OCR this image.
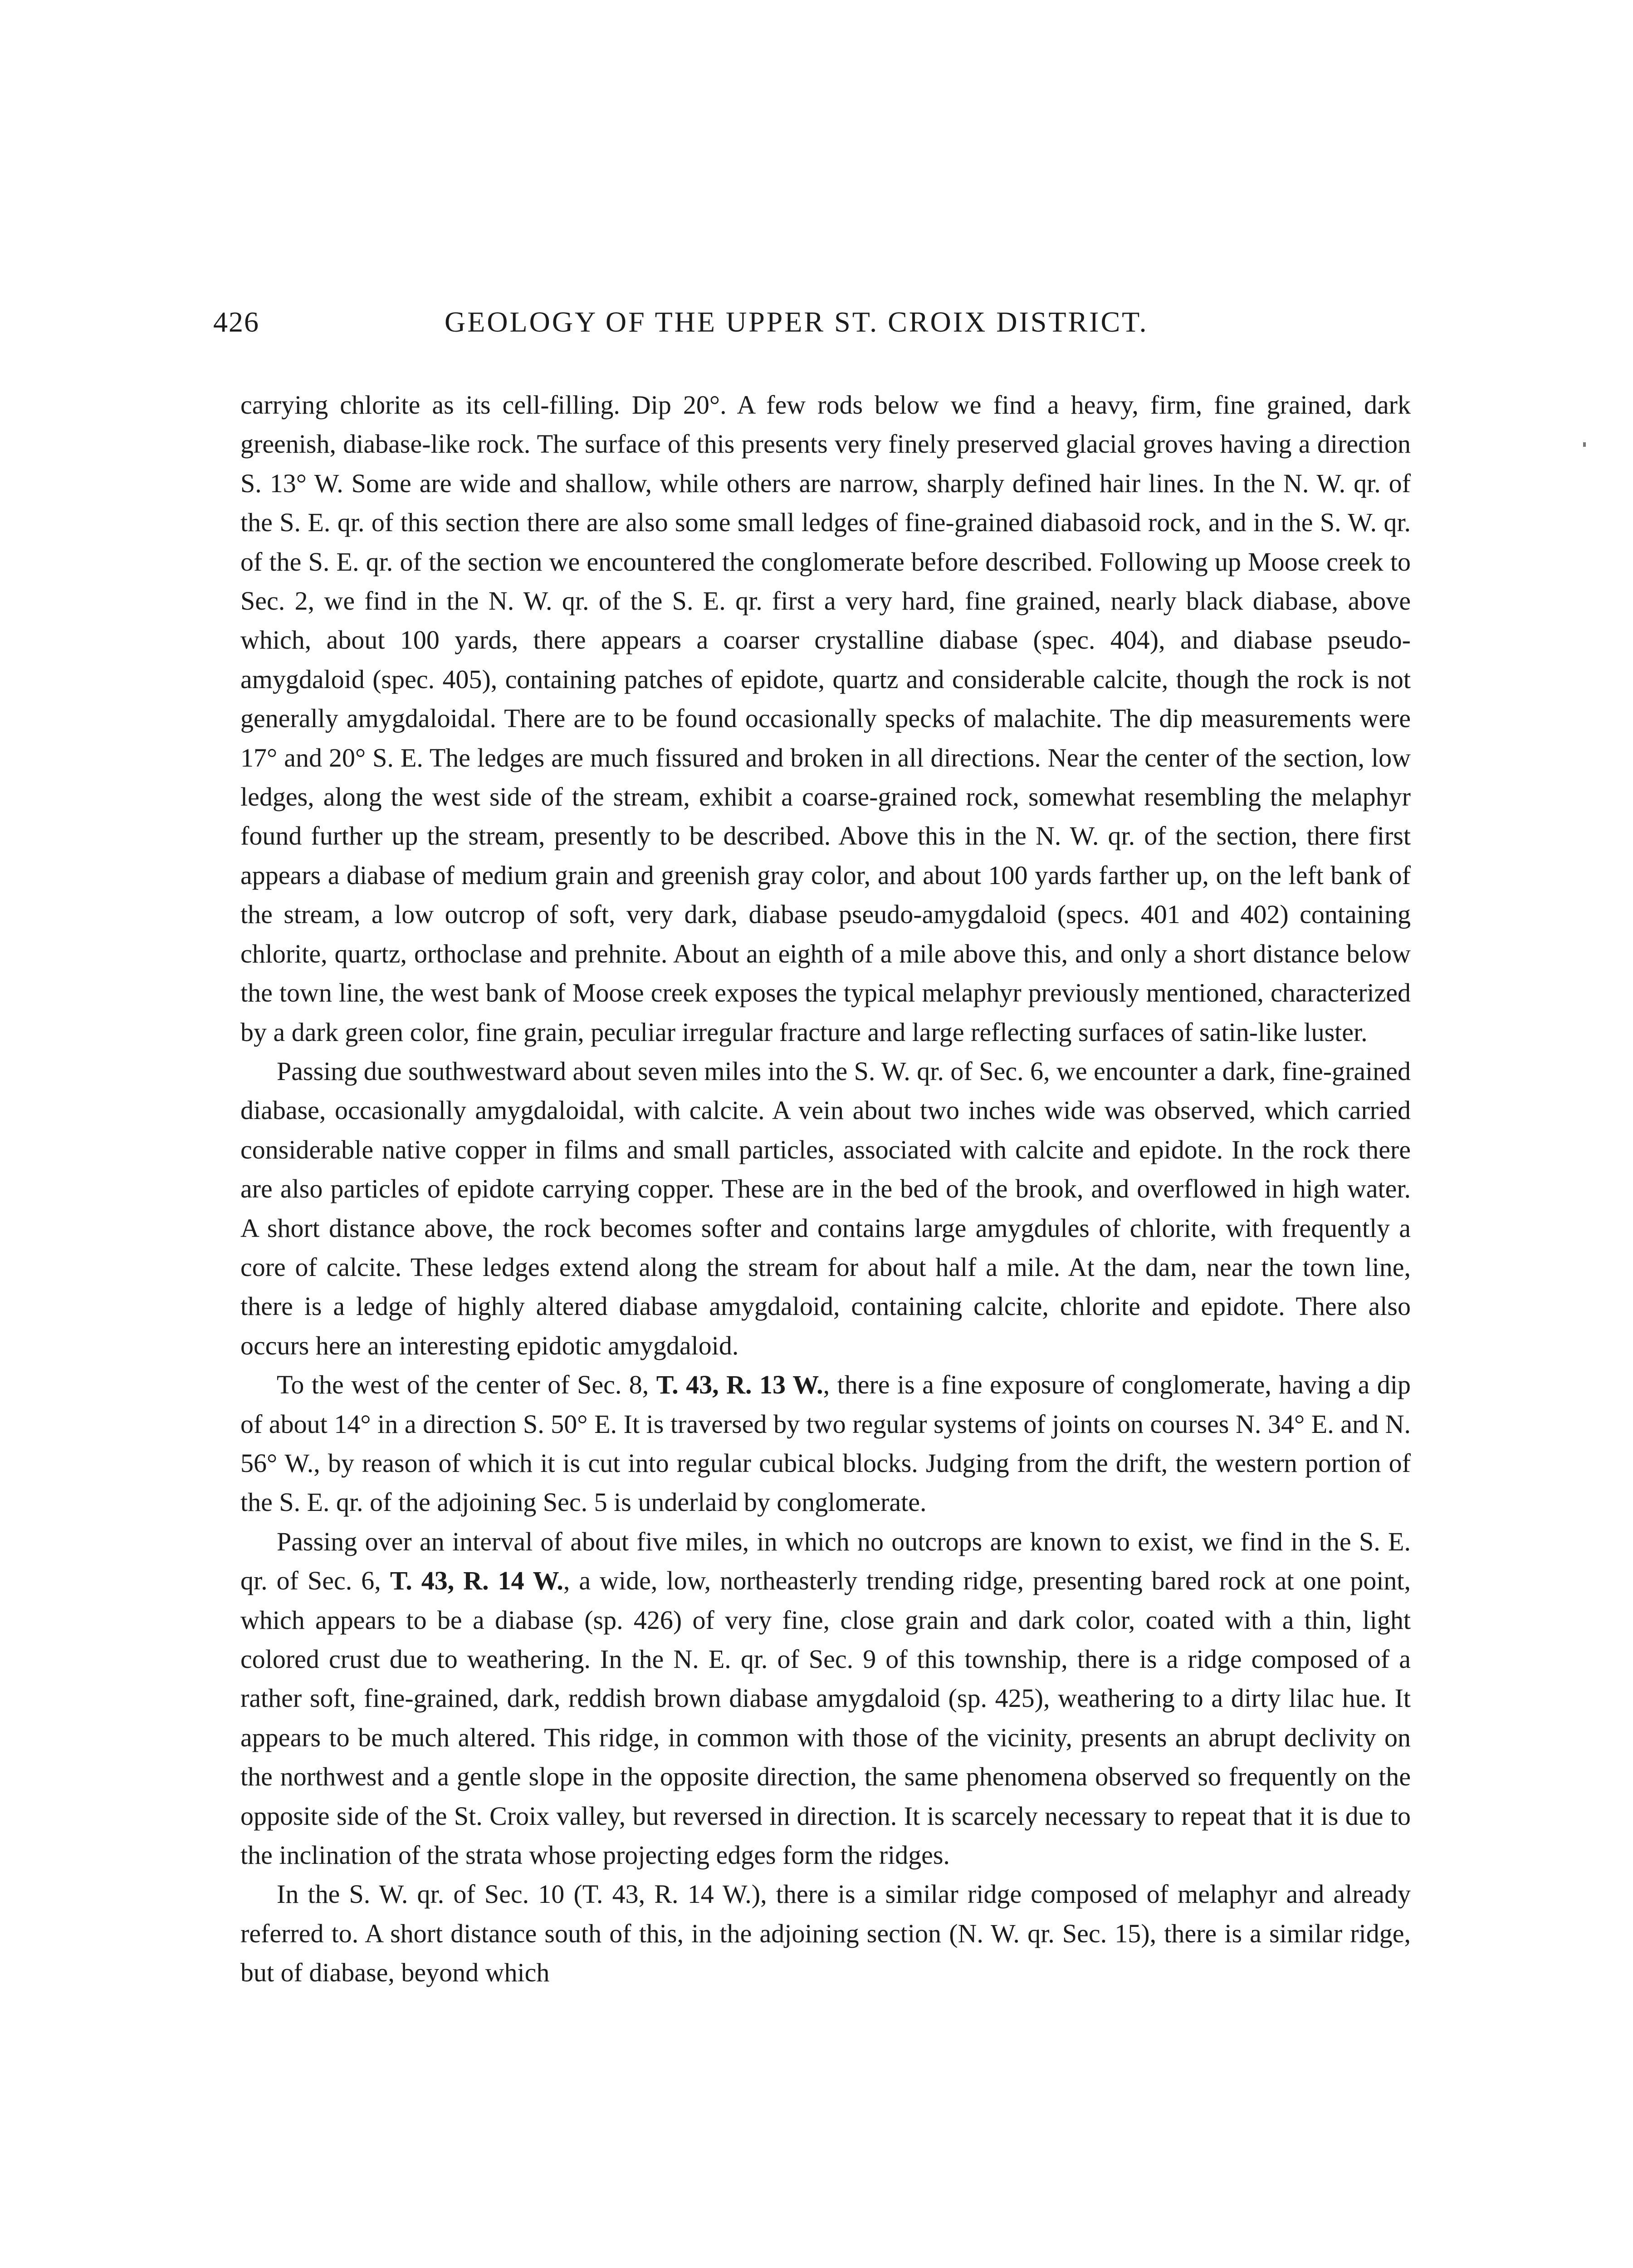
426	GEOLOGY OF THE UPPER ST. CROIX DISTRICT.

carrying chlorite as its cell-filling. Dip 20°. A few rods below we find a heavy, firm, fine grained, dark greenish, diabase-like rock. The surface of this presents very finely preserved glacial groves having a direction S. 13° W. Some are wide and shallow, while others are narrow, sharply defined hair lines. In the N. W. qr. of the S. E. qr. of this section there are also some small ledges of fine-grained diabasoid rock, and in the S. W. qr. of the S. E. qr. of the section we encountered the conglomerate before described. Following up Moose creek to Sec. 2, we find in the N. W. qr. of the S. E. qr. first a very hard, fine grained, nearly black diabase, above which, about 100 yards, there appears a coarser crystalline diabase (spec. 404), and diabase pseudo-amygdaloid (spec. 405), containing patches of epidote, quartz and considerable calcite, though the rock is not generally amygdaloidal. There are to be found occasionally specks of malachite. The dip measurements were 17° and 20° S. E. The ledges are much fissured and broken in all directions. Near the center of the section, low ledges, along the west side of the stream, exhibit a coarse-grained rock, somewhat resembling the melaphyr found further up the stream, presently to be described. Above this in the N. W. qr. of the section, there first appears a diabase of medium grain and greenish gray color, and about 100 yards farther up, on the left bank of the stream, a low outcrop of soft, very dark, diabase pseudo-amygdaloid (specs. 401 and 402) containing chlorite, quartz, orthoclase and prehnite. About an eighth of a mile above this, and only a short distance below the town line, the west bank of Moose creek exposes the typical melaphyr previously mentioned, characterized by a dark green color, fine grain, peculiar irregular fracture and large reflecting surfaces of satin-like luster.

Passing due southwestward about seven miles into the S. W. qr. of Sec. 6, we encounter a dark, fine-grained diabase, occasionally amygdaloidal, with calcite. A vein about two inches wide was observed, which carried considerable native copper in films and small particles, associated with calcite and epidote. In the rock there are also particles of epidote carrying copper. These are in the bed of the brook, and overflowed in high water. A short distance above, the rock becomes softer and contains large amygdules of chlorite, with frequently a core of calcite. These ledges extend along the stream for about half a mile. At the dam, near the town line, there is a ledge of highly altered diabase amygdaloid, containing calcite, chlorite and epidote. There also occurs here an interesting epidotic amygdaloid.

To the west of the center of Sec. 8, T. 43, R. 13 W., there is a fine exposure of conglomerate, having a dip of about 14° in a direction S. 50° E. It is traversed by two regular systems of joints on courses N. 34° E. and N. 56° W., by reason of which it is cut into regular cubical blocks. Judging from the drift, the western portion of the S. E. qr. of the adjoining Sec. 5 is underlaid by conglomerate.

Passing over an interval of about five miles, in which no outcrops are known to exist, we find in the S. E. qr. of Sec. 6, T. 43, R. 14 W., a wide, low, northeasterly trending ridge, presenting bared rock at one point, which appears to be a diabase (sp. 426) of very fine, close grain and dark color, coated with a thin, light colored crust due to weathering. In the N. E. qr. of Sec. 9 of this township, there is a ridge composed of a rather soft, fine-grained, dark, reddish brown diabase amygdaloid (sp. 425), weathering to a dirty lilac hue. It appears to be much altered. This ridge, in common with those of the vicinity, presents an abrupt declivity on the northwest and a gentle slope in the opposite direction, the same phenomena observed so frequently on the opposite side of the St. Croix valley, but reversed in direction. It is scarcely necessary to repeat that it is due to the inclination of the strata whose projecting edges form the ridges.

In the S. W. qr. of Sec. 10 (T. 43, R. 14 W.), there is a similar ridge composed of melaphyr and already referred to. A short distance south of this, in the adjoining section (N. W. qr. Sec. 15), there is a similar ridge, but of diabase, beyond which
